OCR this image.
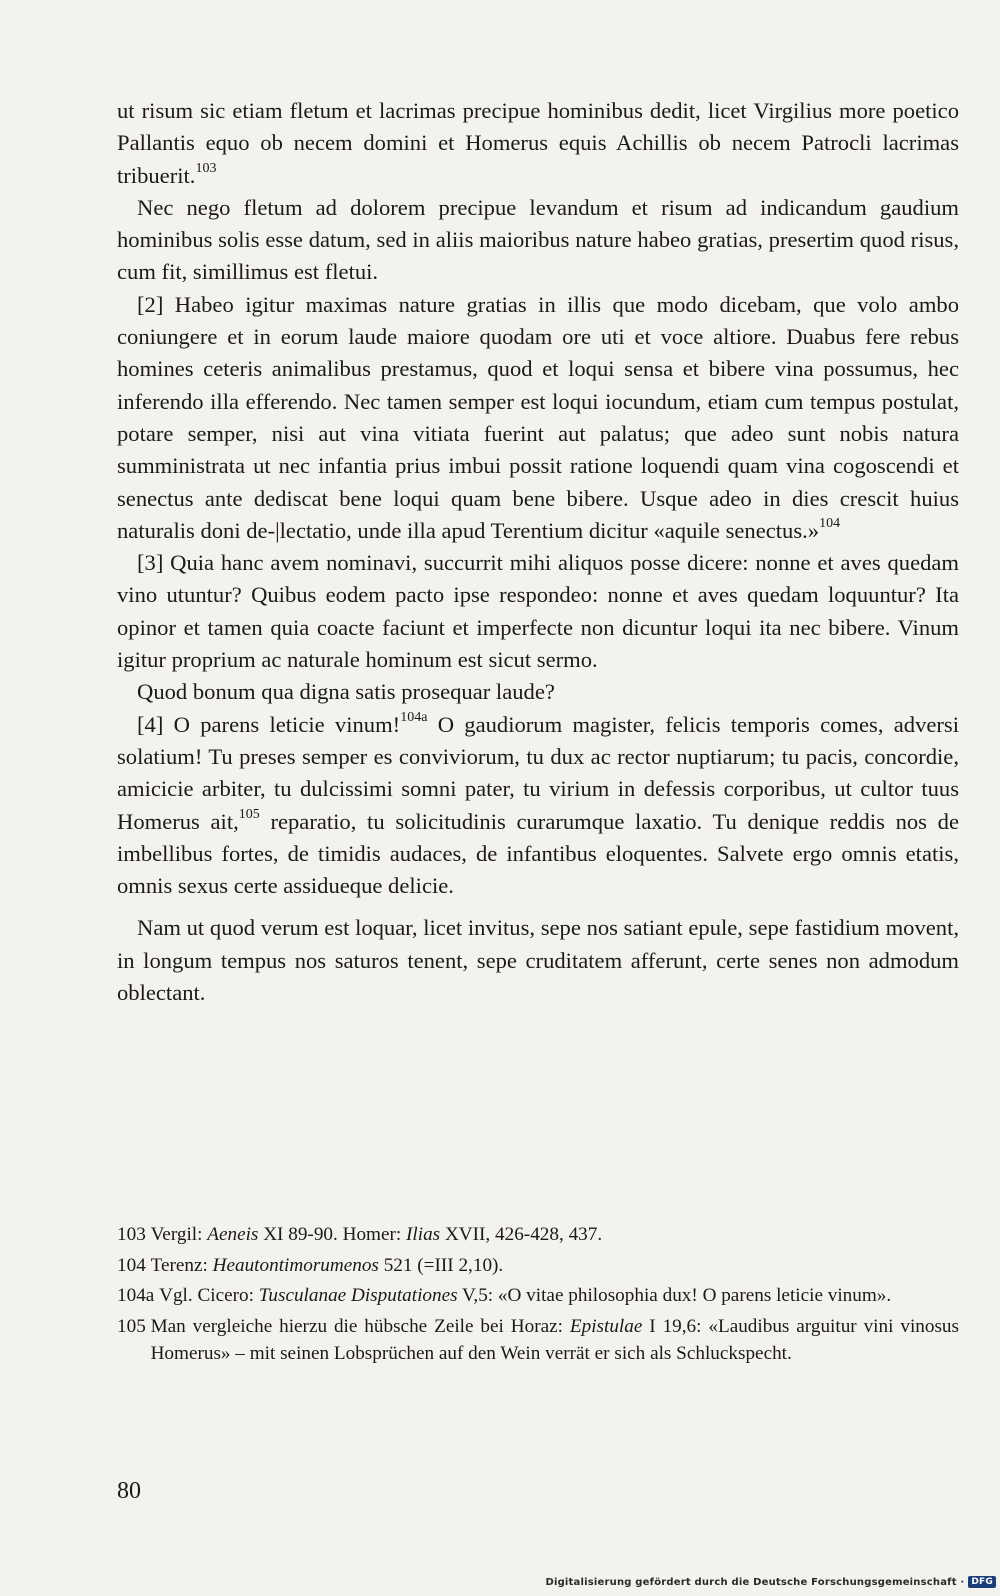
ut risum sic etiam fletum et lacrimas precipue hominibus dedit, licet Virgilius more poetico Pallantis equo ob necem domini et Homerus equis Achillis ob necem Patrocli lacrimas tribuerit.$^{103}$

Nec nego fletum ad dolorem precipue levandum et risum ad indicandum gaudium hominibus solis esse datum, sed in aliis maioribus nature habeo gratias, presertim quod risus, cum fit, simillimus est fletui.

[2] Habeo igitur maximas nature gratias in illis que modo dicebam, que volo ambo coniungere et in eorum laude maiore quodam ore uti et voce altiore. Duabus fere rebus homines ceteris animalibus prestamus, quod et loqui sensa et bibere vina possumus, hec inferendo illa efferendo. Nec tamen semper est loqui iocundum, etiam cum tempus postulat, potare semper, nisi aut vina vitiata fuerint aut palatus; que adeo sunt nobis natura sumministrata ut nec infantia prius imbui possit ratione loquendi quam vina cogoscendi et senectus ante dediscat bene loqui quam bene bibere. Usque adeo in dies crescit huius naturalis doni de-|lectatio, unde illa apud Terentium dicitur «aquile senectus.»$^{104}$

[3] Quia hanc avem nominavi, succurrit mihi aliquos posse dicere: nonne et aves quedam vino utuntur? Quibus eodem pacto ipse respondeo: nonne et aves quedam loquuntur? Ita opinor et tamen quia coacte faciunt et imperfecte non dicuntur loqui ita nec bibere. Vinum igitur proprium ac naturale hominum est sicut sermo.

Quod bonum qua digna satis prosequar laude?

[4] O parens leticie vinum!$^{104a}$ O gaudiorum magister, felicis temporis comes, adversi solatium! Tu preses semper es conviviorum, tu dux ac rector nuptiarum; tu pacis, concordie, amicicie arbiter, tu dulcissimi somni pater, tu virium in defessis corporibus, ut cultor tuus Homerus ait,$^{105}$ reparatio, tu solicitudinis curarumque laxatio. Tu denique reddis nos de imbellibus fortes, de timidis audaces, de infantibus eloquentes. Salvete ergo omnis etatis, omnis sexus certe assidueque delicie.

Nam ut quod verum est loquar, licet invitus, sepe nos satiant epule, sepe fastidium movent, in longum tempus nos saturos tenent, sepe cruditatem afferunt, certe senes non admodum oblectant.

103 Vergil: Aeneis XI 89-90. Homer: Ilias XVII, 426-428, 437.
104 Terenz: Heautontimorumenos 521 (=III 2,10).
104a Vgl. Cicero: Tusculanae Disputationes V,5: «O vitae philosophia dux! O parens leticie vinum».
105 Man vergleiche hierzu die hübsche Zeile bei Horaz: Epistulae I 19,6: «Laudibus arguitur vini vinosus Homerus» – mit seinen Lobsprüchen auf den Wein verrät er sich als Schluckspecht.
80
Digitalisierung gefördert durch die Deutsche Forschungsgemeinschaft · DFG
